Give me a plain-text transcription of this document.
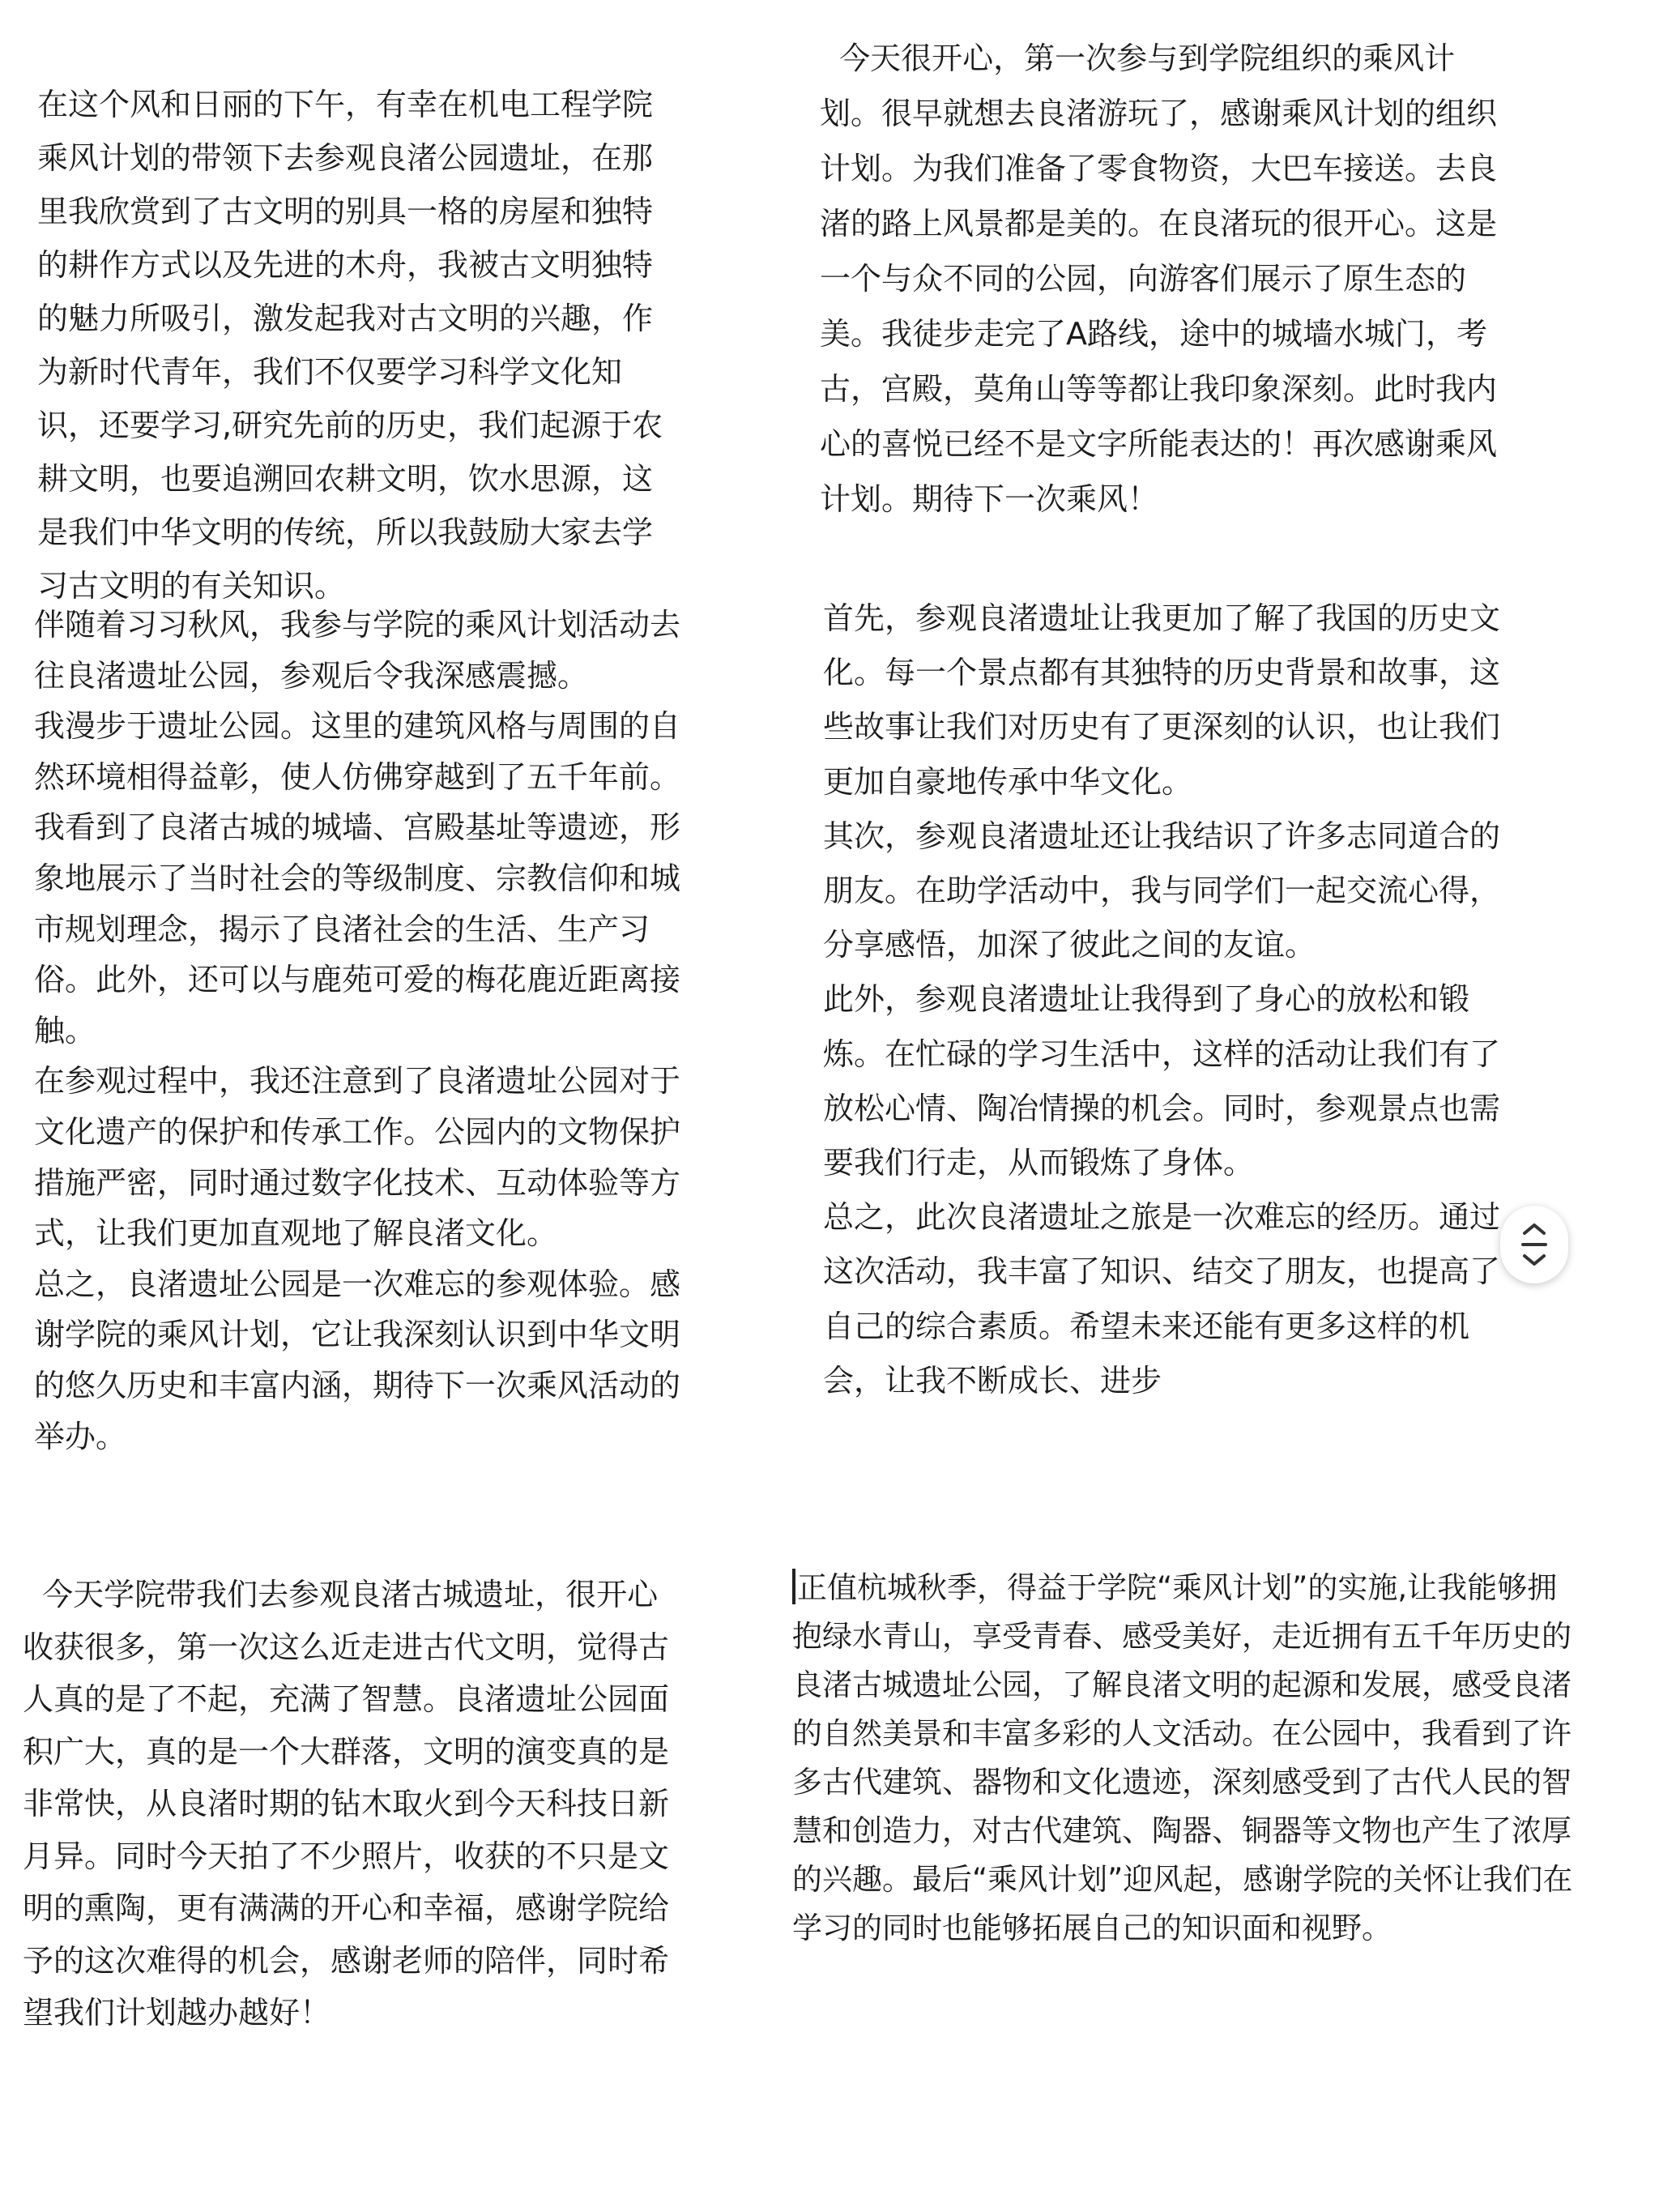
在这个风和日丽的下午，有幸在机电工程学院乘风计划的带领下去参观良渚公园遗址，在那里我欣赏到了古文明的别具一格的房屋和独特的耕作方式以及先进的木舟，我被古文明独特的魅力所吸引，激发起我对古文明的兴趣，作为新时代青年，我们不仅要学习科学文化知识，还要学习,研究先前的历史，我们起源于农耕文明，也要追溯回农耕文明，饮水思源，这是我们中华文明的传统，所以我鼓励大家去学习古文明的有关知识。

今天很开心，第一次参与到学院组织的乘风计划。很早就想去良渚游玩了，感谢乘风计划的组织计划。为我们准备了零食物资，大巴车接送。去良渚的路上风景都是美的。在良渚玩的很开心。这是一个与众不同的公园，向游客们展示了原生态的美。我徒步走完了A路线，途中的城墙水城门，考古，宫殿，莫角山等等都让我印象深刻。此时我内心的喜悦已经不是文字所能表达的！再次感谢乘风计划。期待下一次乘风！

伴随着习习秋风，我参与学院的乘风计划活动去往良渚遗址公园，参观后令我深感震撼。

我漫步于遗址公园。这里的建筑风格与周围的自然环境相得益彰，使人仿佛穿越到了五千年前。我看到了良渚古城的城墙、宫殿基址等遗迹，形象地展示了当时社会的等级制度、宗教信仰和城市规划理念，揭示了良渚社会的生活、生产习俗。此外，还可以与鹿苑可爱的梅花鹿近距离接触。

在参观过程中，我还注意到了良渚遗址公园对于文化遗产的保护和传承工作。公园内的文物保护措施严密，同时通过数字化技术、互动体验等方式，让我们更加直观地了解良渚文化。

总之，良渚遗址公园是一次难忘的参观体验。感谢学院的乘风计划，它让我深刻认识到中华文明的悠久历史和丰富内涵，期待下一次乘风活动的举办。

首先，参观良渚遗址让我更加了解了我国的历史文化。每一个景点都有其独特的历史背景和故事，这些故事让我们对历史有了更深刻的认识，也让我们更加自豪地传承中华文化。

其次，参观良渚遗址还让我结识了许多志同道合的朋友。在助学活动中，我与同学们一起交流心得，分享感悟，加深了彼此之间的友谊。

此外，参观良渚遗址让我得到了身心的放松和锻炼。在忙碌的学习生活中，这样的活动让我们有了放松心情、陶冶情操的机会。同时，参观景点也需要我们行走，从而锻炼了身体。

总之，此次良渚遗址之旅是一次难忘的经历。通过这次活动，我丰富了知识、结交了朋友，也提高了自己的综合素质。希望未来还能有更多这样的机会，让我不断成长、进步

今天学院带我们去参观良渚古城遗址，很开心收获很多，第一次这么近走进古代文明，觉得古人真的是了不起，充满了智慧。良渚遗址公园面积广大，真的是一个大群落，文明的演变真的是非常快，从良渚时期的钻木取火到今天科技日新月异。同时今天拍了不少照片，收获的不只是文明的熏陶，更有满满的开心和幸福，感谢学院给予的这次难得的机会，感谢老师的陪伴，同时希望我们计划越办越好！

正值杭城秋季，得益于学院“乘风计划”的实施,让我能够拥抱绿水青山，享受青春、感受美好，走近拥有五千年历史的良渚古城遗址公园，了解良渚文明的起源和发展，感受良渚的自然美景和丰富多彩的人文活动。在公园中，我看到了许多古代建筑、器物和文化遗迹，深刻感受到了古代人民的智慧和创造力，对古代建筑、陶器、铜器等文物也产生了浓厚的兴趣。最后“乘风计划”迎风起，感谢学院的关怀让我们在学习的同时也能够拓展自己的知识面和视野。
